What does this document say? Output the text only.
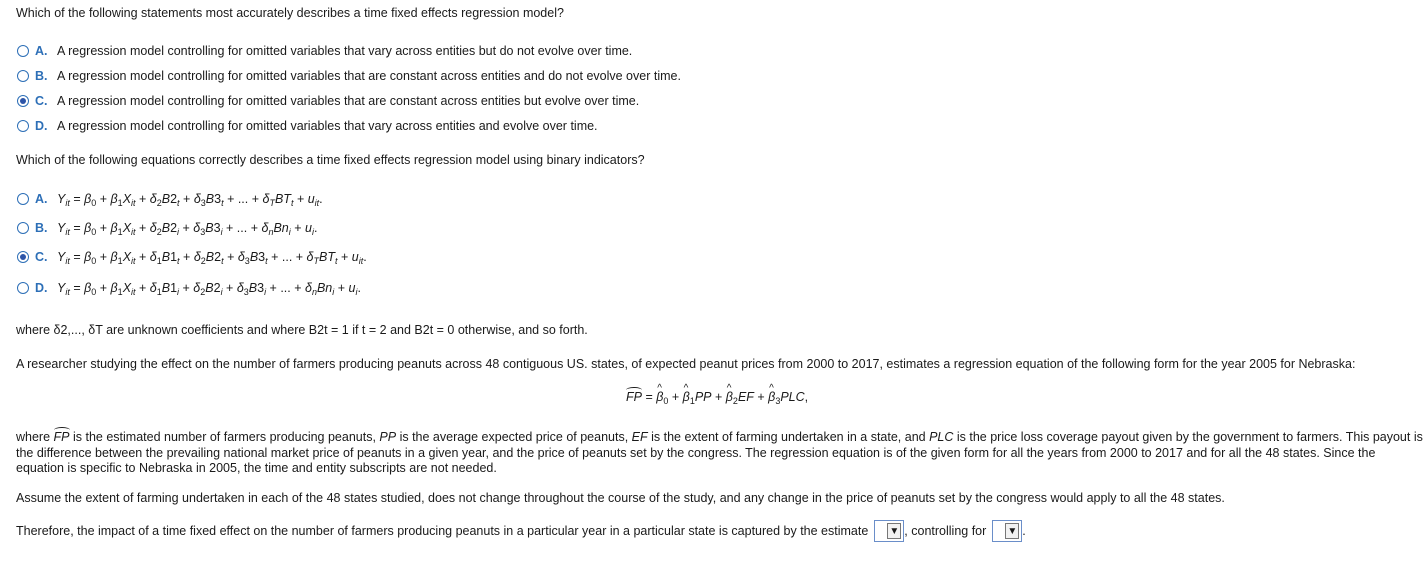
Which of the following statements most accurately describes a time fixed effects regression model?
A. A regression model controlling for omitted variables that vary across entities but do not evolve over time.
B. A regression model controlling for omitted variables that are constant across entities and do not evolve over time.
C. A regression model controlling for omitted variables that are constant across entities but evolve over time.
D. A regression model controlling for omitted variables that vary across entities and evolve over time.
Which of the following equations correctly describes a time fixed effects regression model using binary indicators?
A. $Y_{it} = \beta_0 + \beta_1X_{it} + \delta_2B2_t + \delta_3B3_t$ + ... + $\delta_TBT_t + u_{it}$.
B. $Y_{it} = \beta_0 + \beta_1X_{it} + \delta_2B2_i + \delta_3B3_i$ + ... + $\delta_nBn_i + u_i$.
C. $Y_{it} = \beta_0 + \beta_1X_{it} + \delta_1B1_t + \delta_2B2_t + \delta_3B3_t$ + ... + $\delta_TBT_t + u_{it}$.
D. $Y_{it} = \beta_0 + \beta_1X_{it} + \delta_1B1_i + \delta_2B2_i + \delta_3B3_i$ + ... + $\delta_nBn_i + u_i$.
where δ2,..., δT are unknown coefficients and where B2t = 1 if t = 2 and B2t = 0 otherwise, and so forth.
A researcher studying the effect on the number of farmers producing peanuts across 48 contiguous US. states, of expected peanut prices from 2000 to 2017, estimates a regression equation of the following form for the year 2005 for Nebraska:
FP = ^ $\beta_0$ + ^ $\beta_1PP$ + ^ $\beta_2EF$ + ^ $\beta_3PLC$,
where FP is the estimated number of farmers producing peanuts, PP is the average expected price of peanuts, EF is the extent of farming undertaken in a state, and PLC is the price loss coverage payout given by the government to farmers. This payout is the difference between the prevailing national market price of peanuts in a given year, and the price of peanuts set by the congress. The regression equation is of the given form for all the years from 2000 to 2017 and for all the 48 states. Since the equation is specific to Nebraska in 2005, the time and entity subscripts are not needed.
Assume the extent of farming undertaken in each of the 48 states studied, does not change throughout the course of the study, and any change in the price of peanuts set by the congress would apply to all the 48 states.
Therefore, the impact of a time fixed effect on the number of farmers producing peanuts in a particular year in a particular state is captured by the estimate ▼ , controlling for ▼ .
